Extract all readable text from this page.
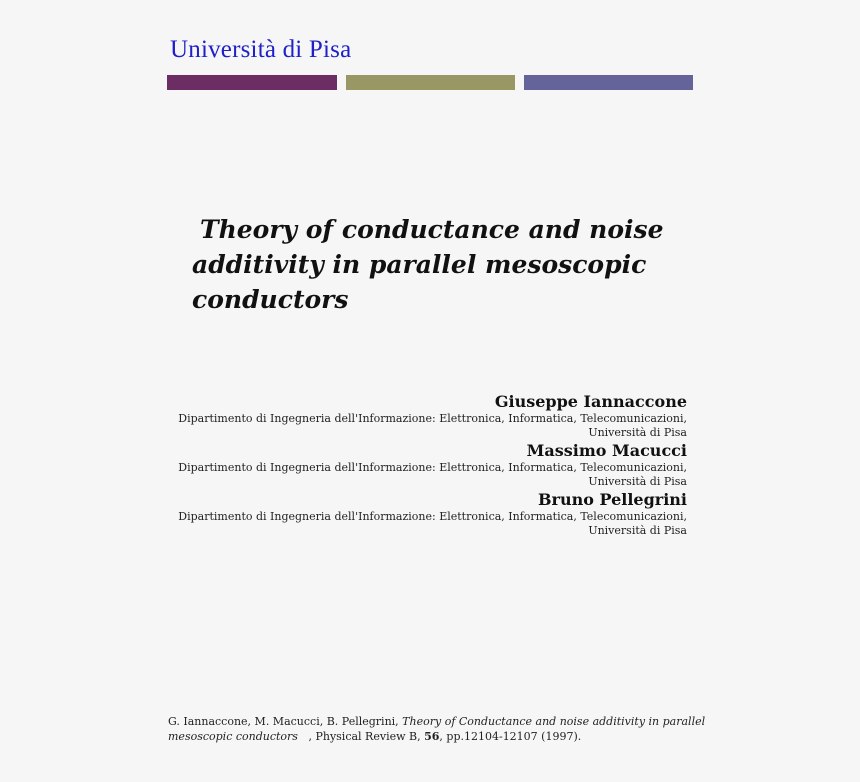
Università di Pisa
Theory of conductance and noise
additivity in parallel mesoscopic
conductors
Giuseppe Iannaccone
Dipartimento di Ingegneria dell'Informazione: Elettronica, Informatica, Telecomunicazioni,
Università di Pisa
Massimo Macucci
Dipartimento di Ingegneria dell'Informazione: Elettronica, Informatica, Telecomunicazioni,
Università di Pisa
Bruno Pellegrini
Dipartimento di Ingegneria dell'Informazione: Elettronica, Informatica, Telecomunicazioni,
Università di Pisa
G. Iannaccone, M. Macucci, B. Pellegrini, Theory of Conductance and noise additivity in parallel
mesoscopic conductors , Physical Review B, 56, pp.12104-12107 (1997).
